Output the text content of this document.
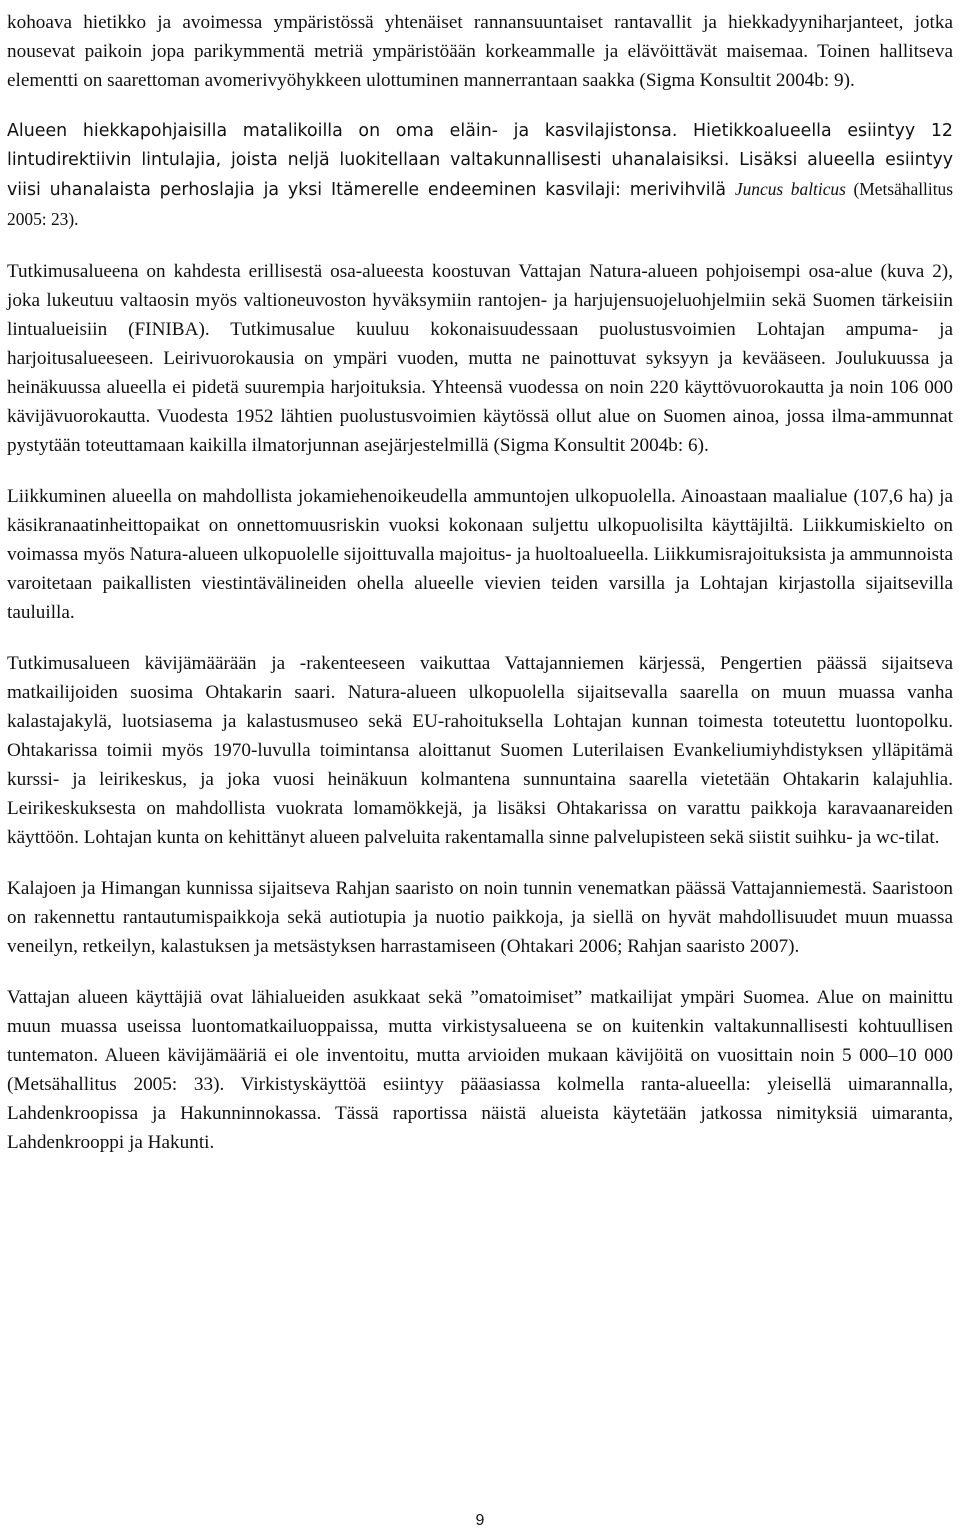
kohoava hietikko ja avoimessa ympäristössä yhtenäiset rannansuuntaiset rantavallit ja hiekkadyyniharjanteet, jotka nousevat paikoin jopa parikymmentä metriä ympäristöään korkeammalle ja elävöittävät maisemaa. Toinen hallitseva elementti on saarettoman avomerivyöhykkeen ulottuminen mannerrantaan saakka (Sigma Konsultit 2004b: 9).

Alueen hiekkapohjaisilla matalikoilla on oma eläin- ja kasvilajistonsa. Hietikkoalueella esiintyy 12 lintudirektiivin lintulajia, joista neljä luokitellaan valtakunnallisesti uhanalaisiksi. Lisäksi alueella esiintyy viisi uhanalaista perhoslajia ja yksi Itämerelle endeeminen kasvilaji: merivihvilä Juncus balticus (Metsähallitus 2005: 23).

Tutkimusalueena on kahdesta erillisestä osa-alueesta koostuvan Vattajan Natura-alueen pohjoisempi osa-alue (kuva 2), joka lukeutuu valtaosin myös valtioneuvoston hyväksymiin rantojen- ja harjujensuojeluohjelmiin sekä Suomen tärkeisiin lintualueisiin (FINIBA). Tutkimusalue kuuluu kokonaisuudessaan puolustusvoimien Lohtajan ampuma- ja harjoitusalueeseen. Leirivuorokausia on ympäri vuoden, mutta ne painottuvat syksyyn ja kevääseen. Joulukuussa ja heinäkuussa alueella ei pidetä suurempia harjoituksia. Yhteensä vuodessa on noin 220 käyttövuorokautta ja noin 106 000 kävijävuorokautta. Vuodesta 1952 lähtien puolustusvoimien käytössä ollut alue on Suomen ainoa, jossa ilma-ammunnat pystytään toteuttamaan kaikilla ilmatorjunnan asejärjestelmillä (Sigma Konsultit 2004b: 6).

Liikkuminen alueella on mahdollista jokamiehenoikeudella ammuntojen ulkopuolella. Ainoastaan maalialue (107,6 ha) ja käsikranaatinheittopaikat on onnettomuusriskin vuoksi kokonaan suljettu ulkopuolisilta käyttäjiltä. Liikkumiskielto on voimassa myös Natura-alueen ulkopuolelle sijoittuvalla majoitus- ja huoltoalueella. Liikkumisrajoituksista ja ammunnoista varoitetaan paikallisten viestintävälineiden ohella alueelle vievien teiden varsilla ja Lohtajan kirjastolla sijaitsevilla tauluilla.

Tutkimusalueen kävijämäärään ja -rakenteeseen vaikuttaa Vattajanniemen kärjessä, Pengertien päässä sijaitseva matkailijoiden suosima Ohtakarin saari. Natura-alueen ulkopuolella sijaitsevalla saarella on muun muassa vanha kalastajakylä, luotsiasema ja kalastusmuseo sekä EU-rahoituksella Lohtajan kunnan toimesta toteutettu luontopolku. Ohtakarissa toimii myös 1970-luvulla toimintansa aloittanut Suomen Luterilaisen Evankeliumiyhdistyksen ylläpitämä kurssi- ja leirikeskus, ja joka vuosi heinäkuun kolmantena sunnuntaina saarella vietetään Ohtakarin kalajuhlia. Leirikeskuksesta on mahdollista vuokrata lomamökkejä, ja lisäksi Ohtakarissa on varattu paikkoja karavaanareiden käyttöön. Lohtajan kunta on kehittänyt alueen palveluita rakentamalla sinne palvelupisteen sekä siistit suihku- ja wc-tilat.

Kalajoen ja Himangan kunnissa sijaitseva Rahjan saaristo on noin tunnin venematkan päässä Vattajanniemestä. Saaristoon on rakennettu rantautumispaikkoja sekä autiotupia ja nuotio paikkoja, ja siellä on hyvät mahdollisuudet muun muassa veneilyn, retkeilyn, kalastuksen ja metsästyksen harrastamiseen (Ohtakari 2006; Rahjan saaristo 2007).

Vattajan alueen käyttäjiä ovat lähialueiden asukkaat sekä ”omatoimiset” matkailijat ympäri Suomea. Alue on mainittu muun muassa useissa luontomatkailuoppaissa, mutta virkistysalueena se on kuitenkin valtakunnallisesti kohtuullisen tuntematon. Alueen kävijämääriä ei ole inventoitu, mutta arvioiden mukaan kävijöitä on vuosittain noin 5 000–10 000 (Metsähallitus 2005: 33). Virkistyskäyttöä esiintyy pääasiassa kolmella ranta-alueella: yleisellä uimarannalla, Lahdenkroopissa ja Hakunninnokassa. Tässä raportissa näistä alueista käytetään jatkossa nimityksiä uimaranta, Lahdenkrooppi ja Hakunti.

9
